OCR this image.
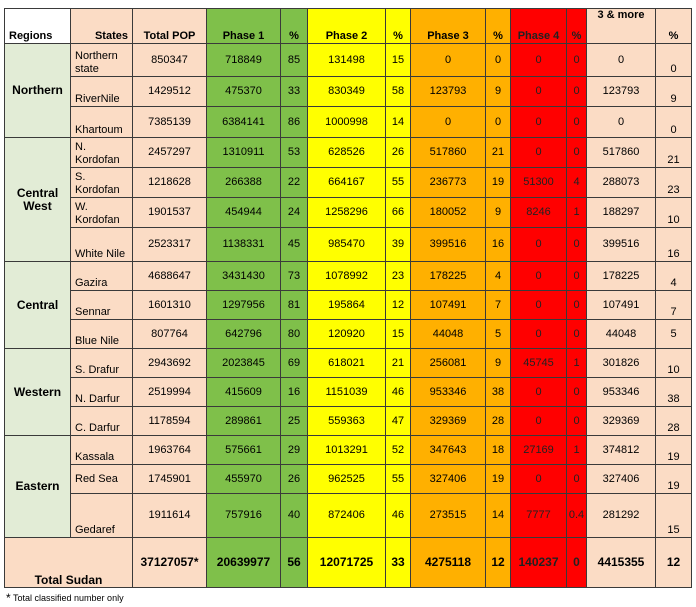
Regions	States	Total POP	Phase 1	%	Phase 2	%	Phase 3	%	Phase 4	%	3 & more	%
Northern	Northern state	850347	718849	85	131498	15	0	0	0	0	0	0
	RiverNile	1429512	475370	33	830349	58	123793	9	0	0	123793	9
	Khartoum	7385139	6384141	86	1000998	14	0	0	0	0	0	0
Central West	N. Kordofan	2457297	1310911	53	628526	26	517860	21	0	0	517860	21
	S. Kordofan	1218628	266388	22	664167	55	236773	19	51300	4	288073	23
	W. Kordofan	1901537	454944	24	1258296	66	180052	9	8246	1	188297	10
	White Nile	2523317	1138331	45	985470	39	399516	16	0	0	399516	16
Central	Gazira	4688647	3431430	73	1078992	23	178225	4	0	0	178225	4
	Sennar	1601310	1297956	81	195864	12	107491	7	0	0	107491	7
	Blue Nile	807764	642796	80	120920	15	44048	5	0	0	44048	5
Western	S. Drafur	2943692	2023845	69	618021	21	256081	9	45745	1	301826	10
	N. Darfur	2519994	415609	16	1151039	46	953346	38	0	0	953346	38
	C. Darfur	1178594	289861	25	559363	47	329369	28	0	0	329369	28
Eastern	Kassala	1963764	575661	29	1013291	52	347643	18	27169	1	374812	19
	Red Sea	1745901	455970	26	962525	55	327406	19	0	0	327406	19
	Gedaref	1911614	757916	40	872406	46	273515	14	7777	0.4	281292	15
Total Sudan		37127057*	20639977	56	12071725	33	4275118	12	140237	0	4415355	12
* Total classified number only
